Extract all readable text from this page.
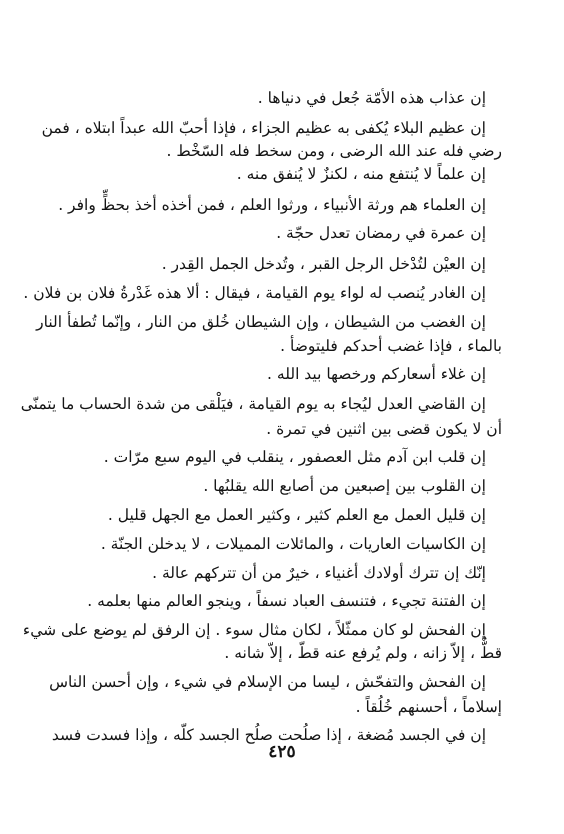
إن عذاب هذه الأمّة جُعل في دنياها .
إن عظيم البلاء يُكفى به عظيم الجزاء ، فإذا أحبّ الله عبداً ابتلاه ، فمن
رضي فله عند الله الرضى ، ومن سخط فله السّخْط .
إن علماً لا يُنتفع منه ، لكنزٌ لا يُنفق منه .
إن العلماء هم ورثة الأنبياء ، ورثوا العلم ، فمن أخذه أخذ بحظٍّ وافر .
إن عمرة في رمضان تعدل حجّة .
إن العيْن لتُدْخل الرجل القبر ، وتُدخل الجمل القِدر .
إن الغادر يُنصب له لواء يوم القيامة ، فيقال : ألا هذه غَدْرةُ فلان بن فلان .
إن الغضب من الشيطان ، وإن الشيطان خُلق من النار ، وإنّما تُطفأ النار
بالماء ، فإذا غضب أحدكم فليتوضأ .
إن غلاء أسعاركم ورخصها بيد الله .
إن القاضي العدل ليُجاء به يوم القيامة ، فيَلْقى من شدة الحساب ما يتمنّى
أن لا يكون قضى بين اثنين في تمرة .
إن قلب ابن آدم مثل العصفور ، ينقلب في اليوم سبع مرّات .
إن القلوب بين إصبعين من أصابع الله يقلبُها .
إن قليل العمل مع العلم كثير ، وكثير العمل مع الجهل قليل .
إن الكاسيات العاريات ، والمائلات المميلات ، لا يدخلن الجنّة .
إنّك إن تترك أولادك أغنياء ، خيرٌ من أن تتركهم عالة .
إن الفتنة تجيء ، فتنسف العباد نسفاً ، وينجو العالم منها بعلمه .
إن الفحش لو كان ممثّلاً ، لكان مثال سوء . إن الرفق لم يوضع على شيء
قطٌّ ، إلاّ زانه ، ولم يُرفع عنه قطّ ، إلاّ شانه .
إن الفحش والتفحّش ، ليسا من الإسلام في شيء ، وإن أحسن الناس
إسلاماً ، أحسنهم خُلُقاً .
إن في الجسد مُضغة ، إذا صلُحت صلُح الجسد كلّه ، وإذا فسدت فسد
٤٢٥
